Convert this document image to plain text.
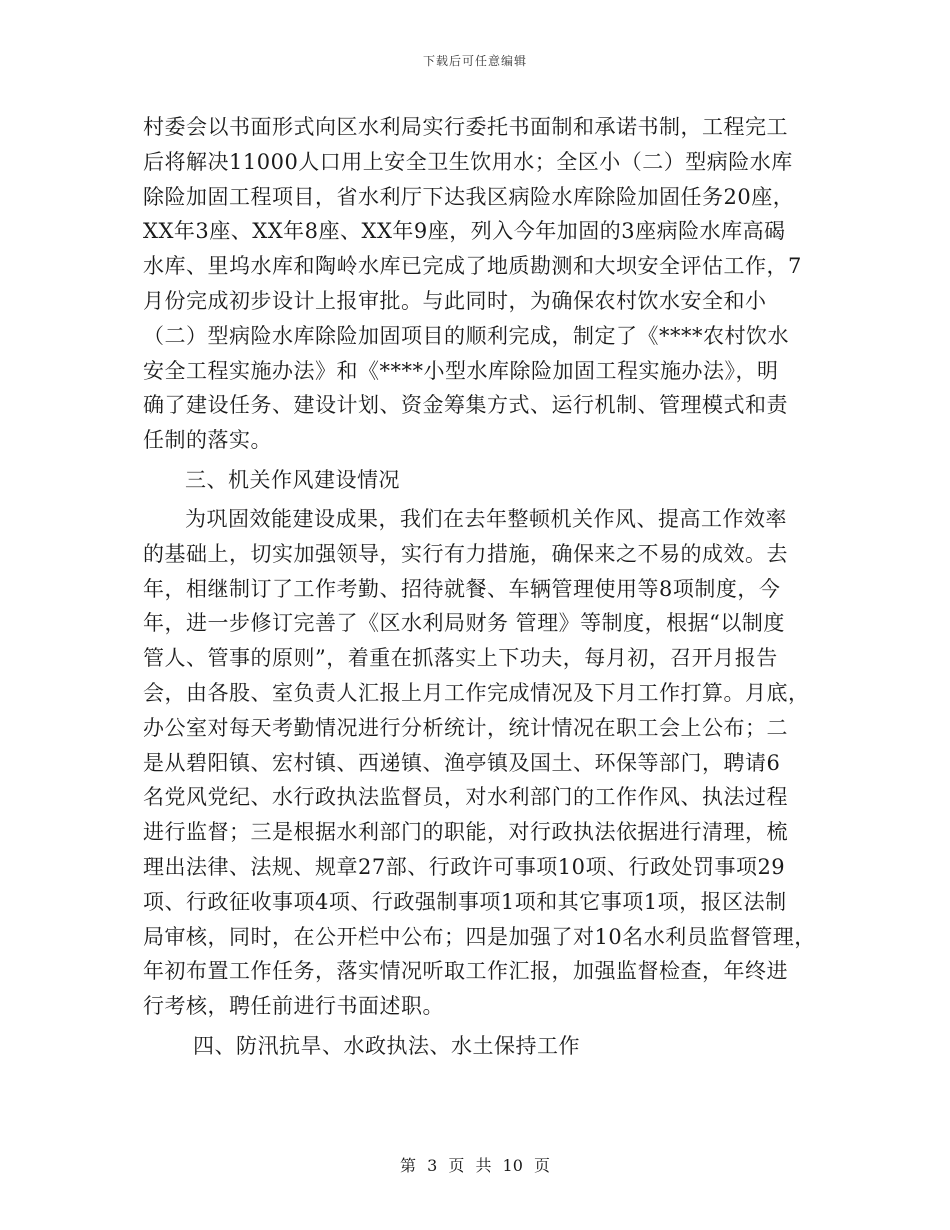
下载后可任意编辑
村委会以书面形式向区水利局实行委托书面制和承诺书制，工程完工
后将解决11000人口用上安全卫生饮用水；全区小（二）型病险水库
除险加固工程项目，省水利厅下达我区病险水库除险加固任务20座，
XX年3座、XX年8座、XX年9座，列入今年加固的3座病险水库高碣
水库、里坞水库和陶岭水库已完成了地质勘测和大坝安全评估工作，7
月份完成初步设计上报审批。与此同时，为确保农村饮水安全和小
（二）型病险水库除险加固项目的顺利完成，制定了《****农村饮水
安全工程实施办法》和《****小型水库除险加固工程实施办法》，明
确了建设任务、建设计划、资金筹集方式、运行机制、管理模式和责
任制的落实。
三、机关作风建设情况
为巩固效能建设成果，我们在去年整顿机关作风、提高工作效率
的基础上，切实加强领导，实行有力措施，确保来之不易的成效。去
年，相继制订了工作考勤、招待就餐、车辆管理使用等8项制度，今
年，进一步修订完善了《区水利局财务 管理》等制度，根据“以制度
管人、管事的原则”，着重在抓落实上下功夫，每月初，召开月报告
会，由各股、室负责人汇报上月工作完成情况及下月工作打算。月底，
办公室对每天考勤情况进行分析统计，统计情况在职工会上公布；二
是从碧阳镇、宏村镇、西递镇、渔亭镇及国土、环保等部门，聘请6
名党风党纪、水行政执法监督员，对水利部门的工作作风、执法过程
进行监督；三是根据水利部门的职能，对行政执法依据进行清理，梳
理出法律、法规、规章27部、行政许可事项10项、行政处罚事项29
项、行政征收事项4项、行政强制事项1项和其它事项1项，报区法制
局审核，同时，在公开栏中公布；四是加强了对10名水利员监督管理，
年初布置工作任务，落实情况听取工作汇报，加强监督检查，年终进
行考核，聘任前进行书面述职。
四、防汛抗旱、水政执法、水土保持工作
第 3 页 共 10 页
